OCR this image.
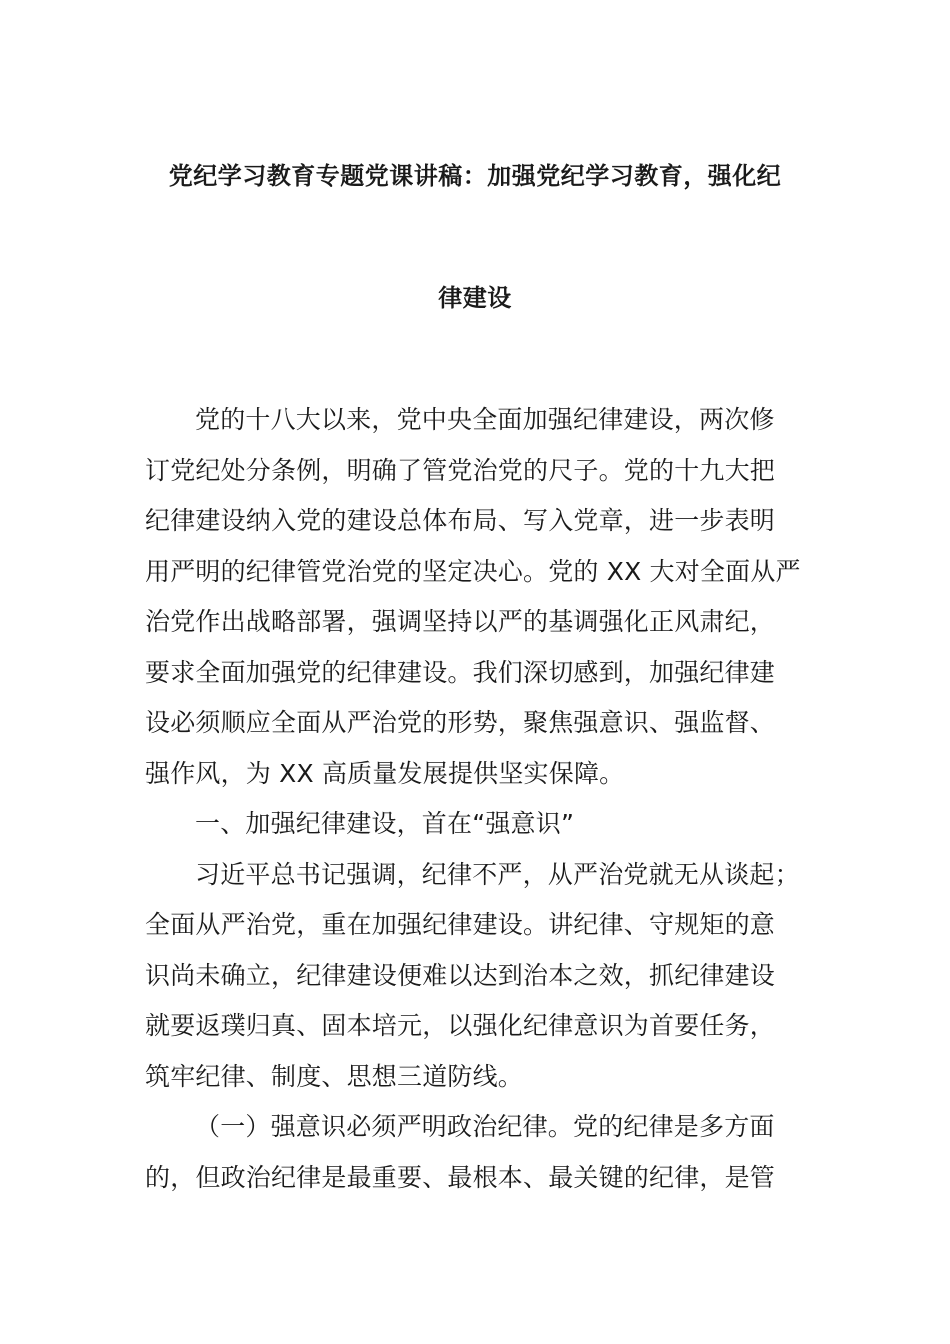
党纪学习教育专题党课讲稿：加强党纪学习教育，强化纪
律建设
党的十八大以来，党中央全面加强纪律建设，两次修
订党纪处分条例，明确了管党治党的尺子。党的十九大把
纪律建设纳入党的建设总体布局、写入党章，进一步表明
用严明的纪律管党治党的坚定决心。党的 XX 大对全面从严
治党作出战略部署，强调坚持以严的基调强化正风肃纪，
要求全面加强党的纪律建设。我们深切感到，加强纪律建
设必须顺应全面从严治党的形势，聚焦强意识、强监督、
强作风，为 XX 高质量发展提供坚实保障。
一、加强纪律建设，首在“强意识”
习近平总书记强调，纪律不严，从严治党就无从谈起；
全面从严治党，重在加强纪律建设。讲纪律、守规矩的意
识尚未确立，纪律建设便难以达到治本之效，抓纪律建设
就要返璞归真、固本培元，以强化纪律意识为首要任务，
筑牢纪律、制度、思想三道防线。
（一）强意识必须严明政治纪律。党的纪律是多方面
的，但政治纪律是最重要、最根本、最关键的纪律，是管
